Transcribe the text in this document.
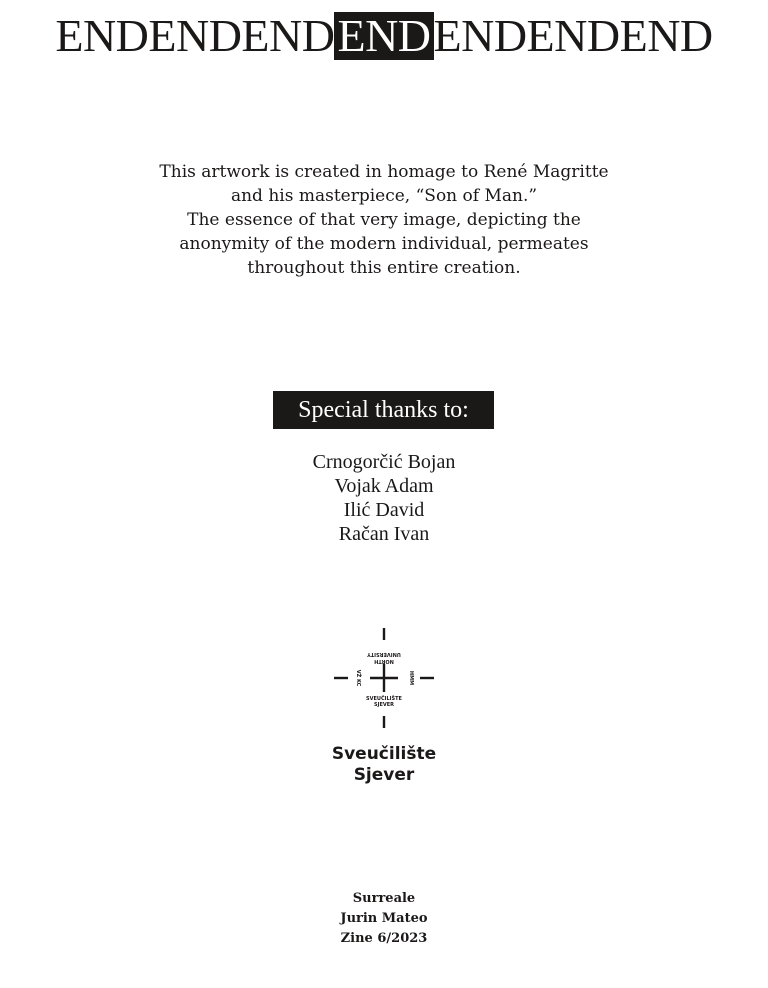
ENDENDEND END ENDENDEND
This artwork is created in homage to René Magritte
and his masterpiece, “Son of Man.”
The essence of that very image, depicting the
anonymity of the modern individual, permeates
throughout this entire creation.
Special thanks to:
Crnogorčić Bojan
Vojak Adam
Ilić David
Račan Ivan
UNIVERSITY
NORTH
SVEUČILIŠTE
SJEVER
VŽ KC	HMM
Sveučilište
Sjever
Surreale
Jurin Mateo
Zine 6/2023
